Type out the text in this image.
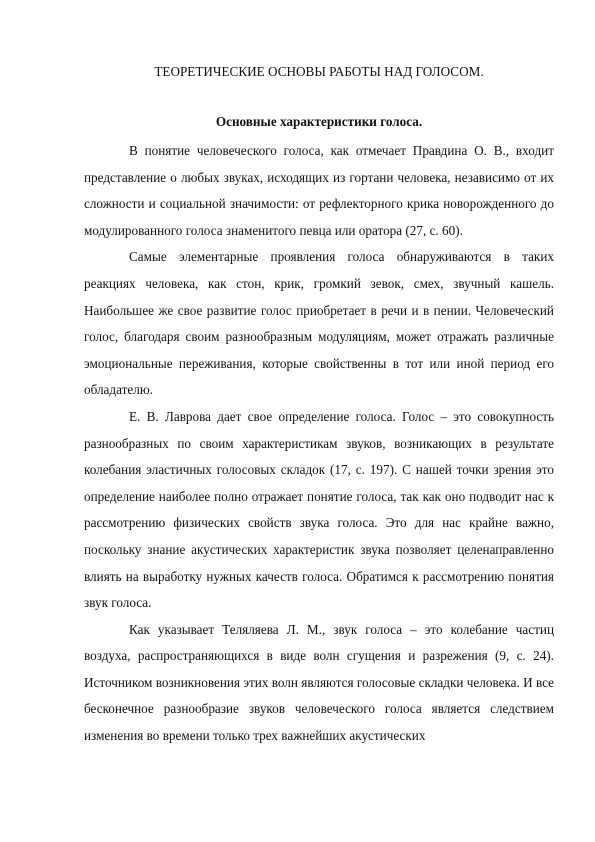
ТЕОРЕТИЧЕСКИЕ ОСНОВЫ РАБОТЫ НАД ГОЛОСОМ.
Основные характеристики голоса.

В понятие человеческого голоса, как отмечает Правдина О. В., входит представление о любых звуках, исходящих из гортани человека, независимо от их сложности и социальной значимости: от рефлекторного крика новорожденного до модулированного голоса знаменитого певца или оратора (27, с. 60).

Самые элементарные проявления голоса обнаруживаются в таких реакциях человека, как стон, крик, громкий зевок, смех, звучный кашель. Наибольшее же свое развитие голос приобретает в речи и в пении. Человеческий голос, благодаря своим разнообразным модуляциям, может отражать различные эмоциональные переживания, которые свойственны в тот или иной период его обладателю.

Е. В. Лаврова дает свое определение голоса. Голос – это совокупность разнообразных по своим характеристикам звуков, возникающих в результате колебания эластичных голосовых складок (17, с. 197). С нашей точки зрения это определение наиболее полно отражает понятие голоса, так как оно подводит нас к рассмотрению физических свойств звука голоса. Это для нас крайне важно, поскольку знание акустических характеристик звука позволяет целенаправленно влиять на выработку нужных качеств голоса. Обратимся к рассмотрению понятия звук голоса.

Как указывает Теляляева Л. М., звук голоса – это колебание частиц воздуха, распространяющихся в виде волн сгущения и разрежения (9, с. 24). Источником возникновения этих волн являются голосовые складки человека. И все бесконечное разнообразие звуков человеческого голоса является следствием изменения во времени только трех важнейших акустических
